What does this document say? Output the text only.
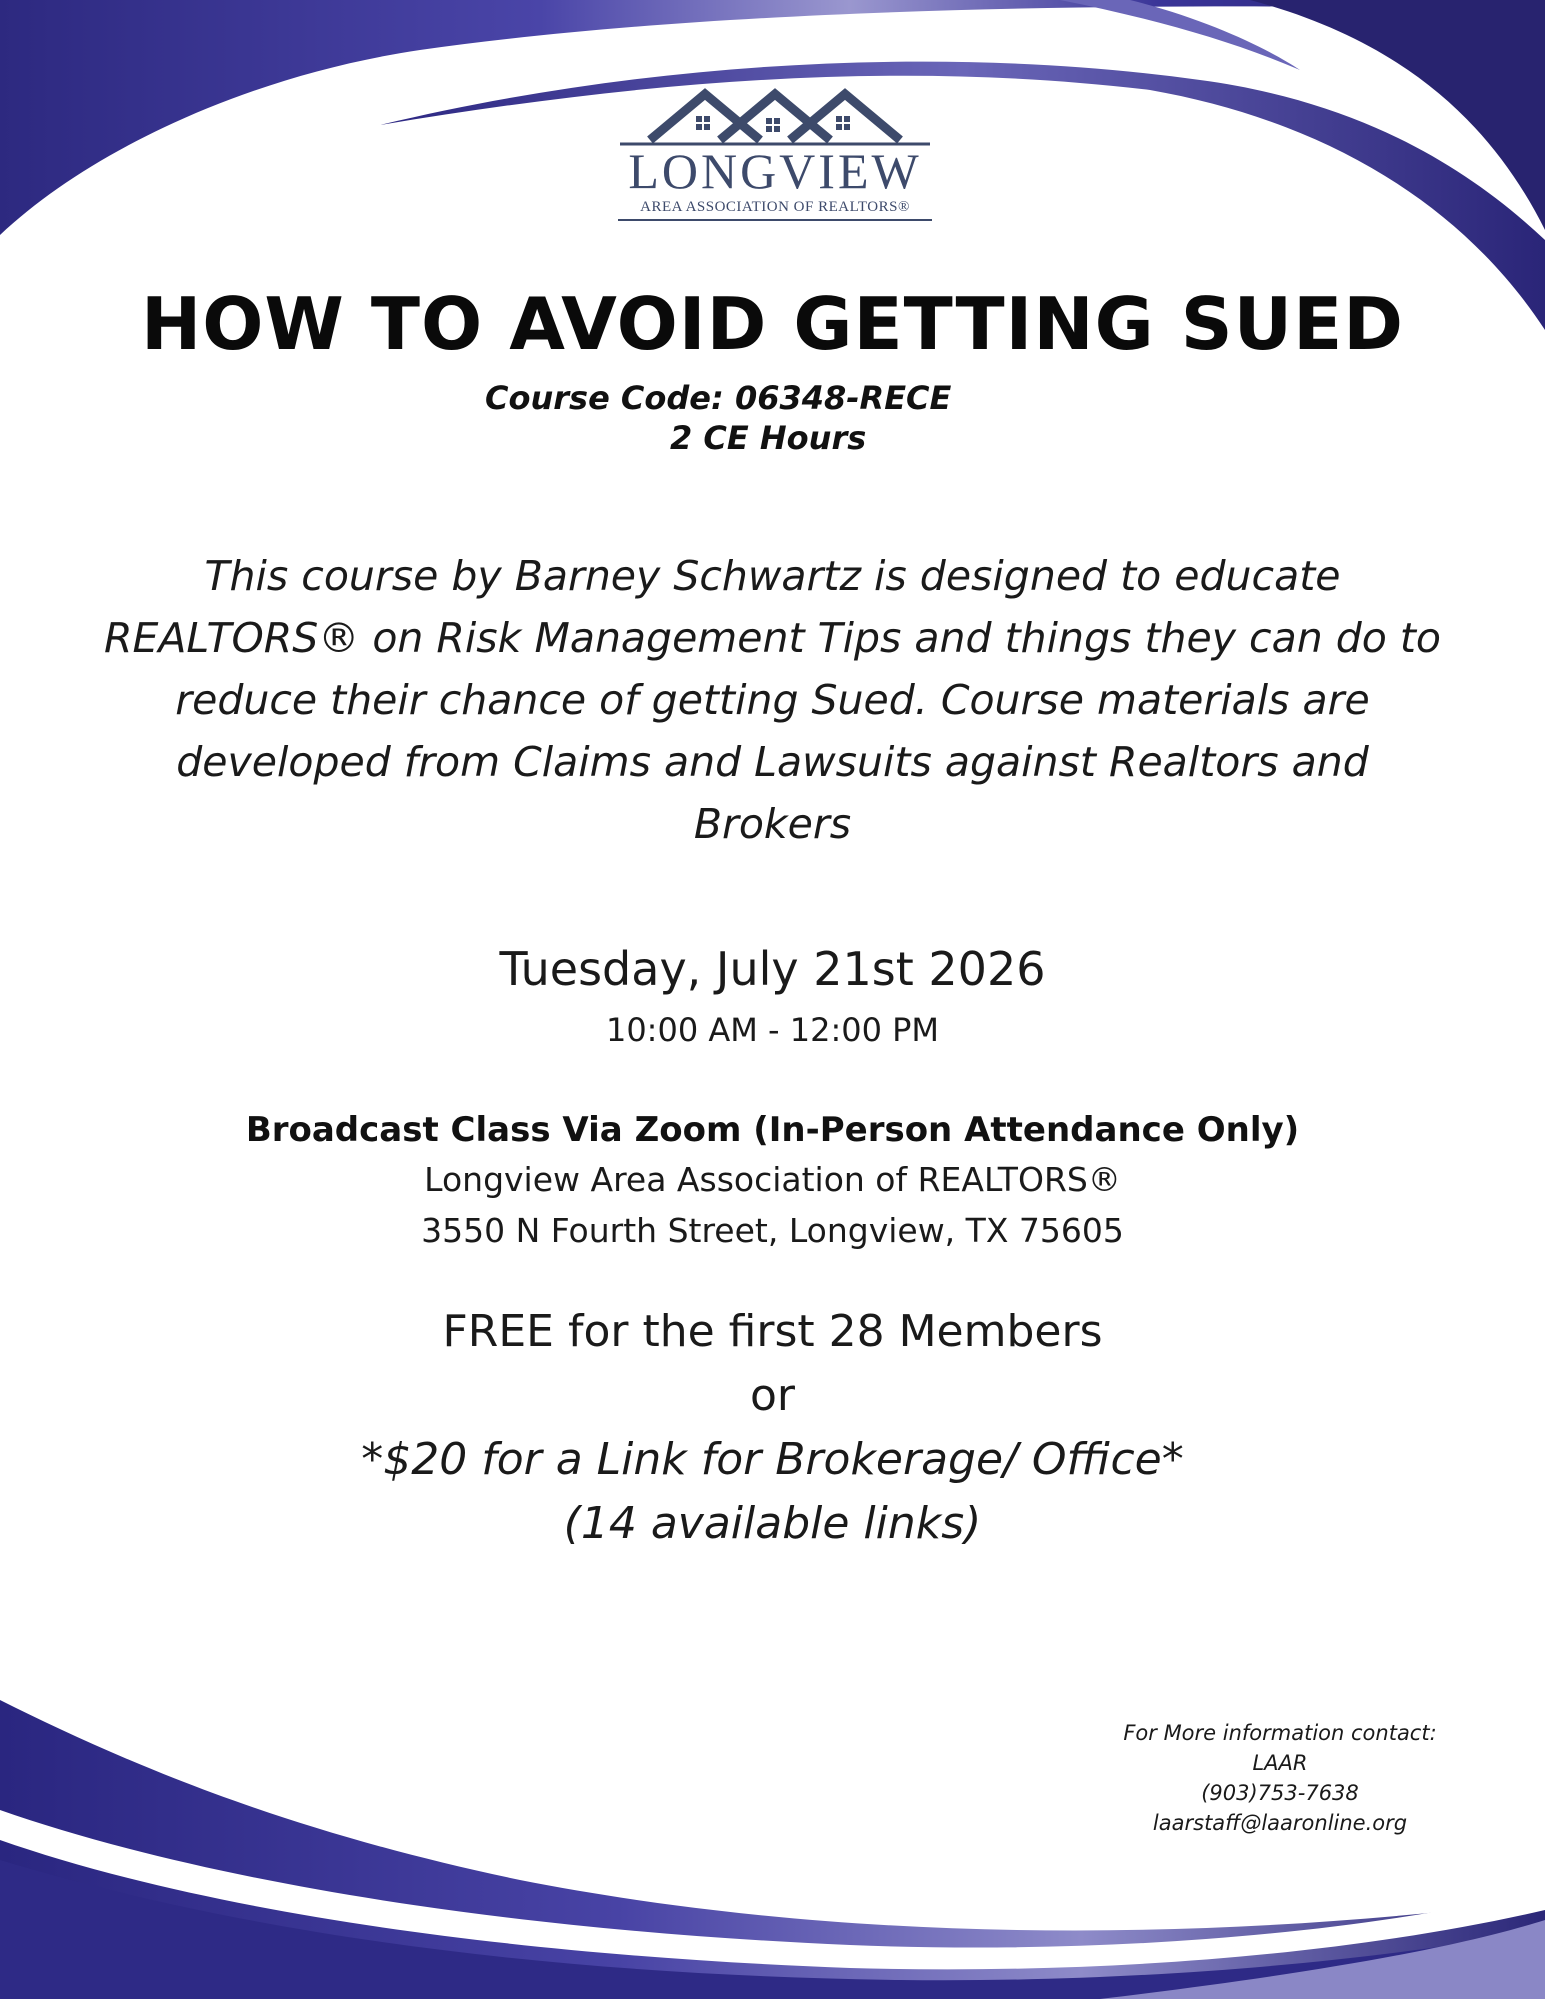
LONGVIEW
AREA ASSOCIATION OF REALTORS®
HOW TO AVOID GETTING SUED
Course Code: 06348-RECE
2 CE Hours
This course by Barney Schwartz is designed to educate
REALTORS® on Risk Management Tips and things they can do to
reduce their chance of getting Sued. Course materials are
developed from Claims and Lawsuits against Realtors and
Brokers
Tuesday, July 21st 2026
10:00 AM - 12:00 PM
Broadcast Class Via Zoom (In-Person Attendance Only)
Longview Area Association of REALTORS®
3550 N Fourth Street, Longview, TX 75605
FREE for the first 28 Members
or
*$20 for a Link for Brokerage/ Office*
(14 available links)
For More information contact:
LAAR
(903)753-7638
laarstaff@laaronline.org
